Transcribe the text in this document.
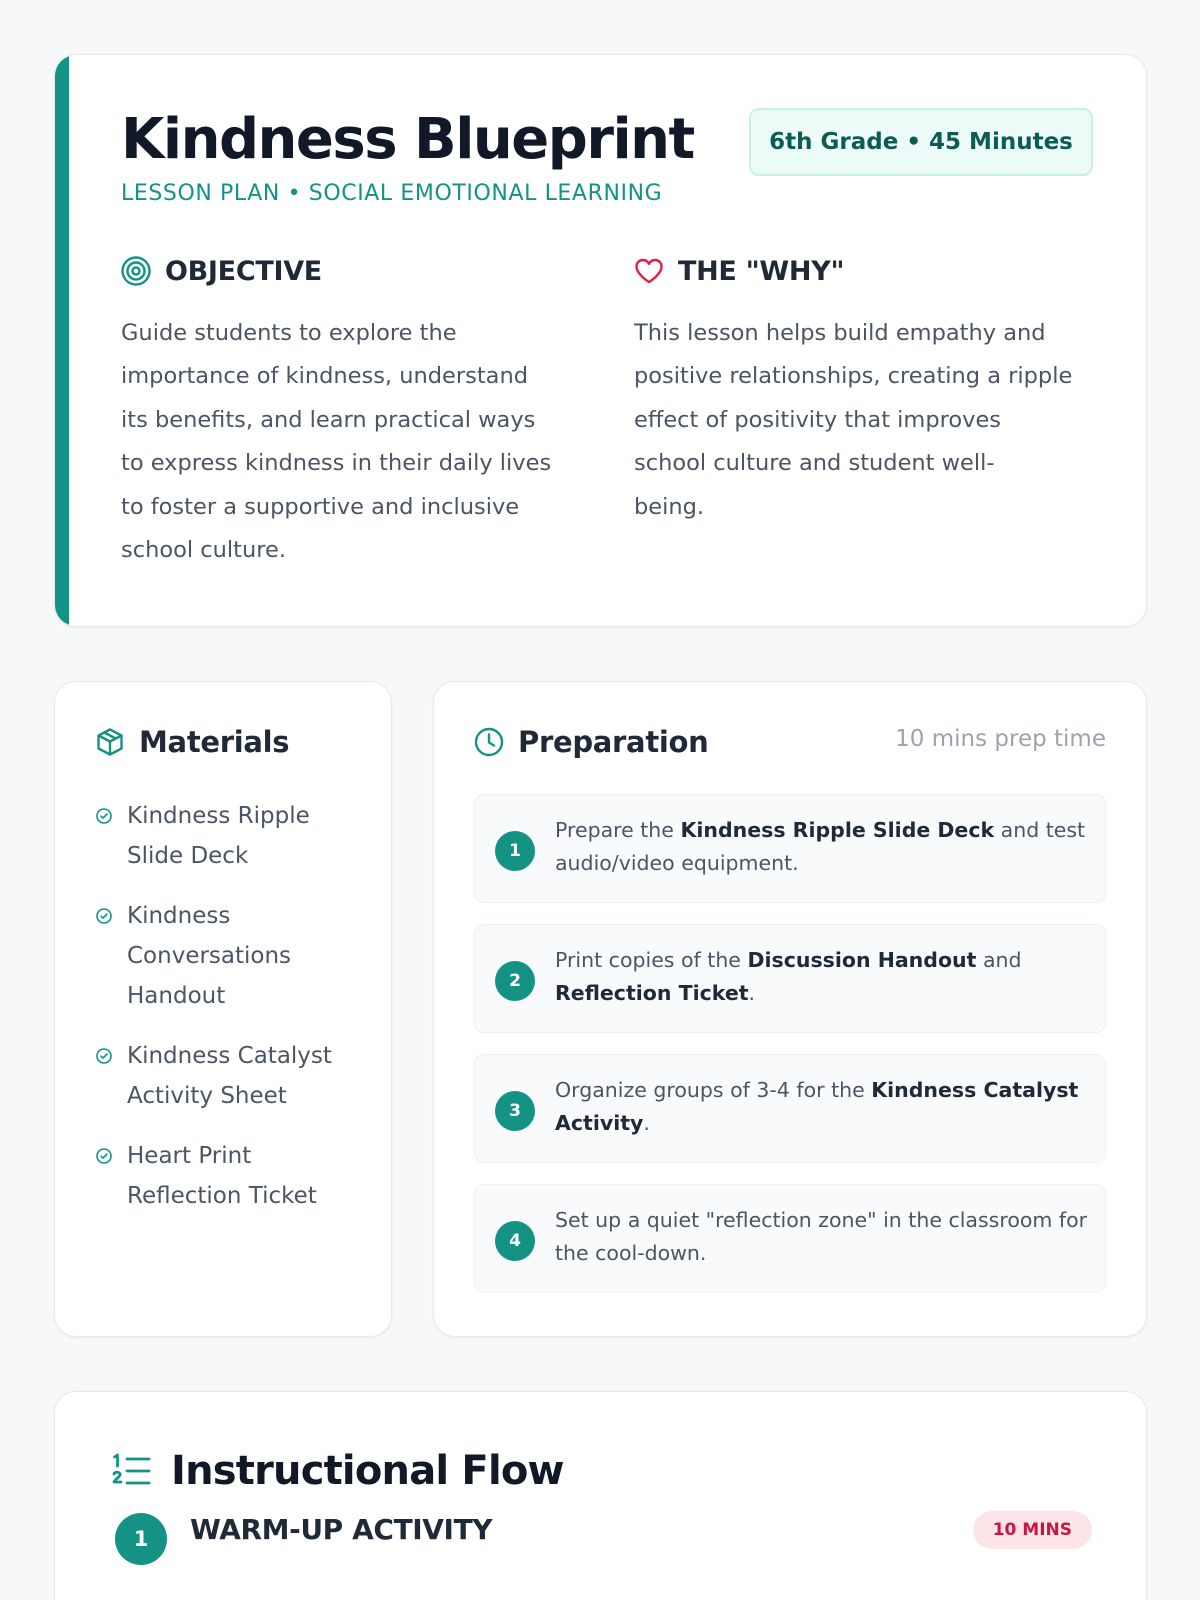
Kindness Blueprint	6th Grade • 45 Minutes
LESSON PLAN • SOCIAL EMOTIONAL LEARNING
OBJECTIVE
Guide students to explore the
importance of kindness, understand
its benefits, and learn practical ways
to express kindness in their daily lives
to foster a supportive and inclusive
school culture.
THE "WHY"
This lesson helps build empathy and
positive relationships, creating a ripple
effect of positivity that improves
school culture and student well-
being.
Materials
Kindness Ripple
Slide Deck
Kindness
Conversations
Handout
Kindness Catalyst
Activity Sheet
Heart Print
Reflection Ticket
Preparation	10 mins prep time
1
Prepare the Kindness Ripple Slide Deck and test audio/video equipment.
2
Print copies of the Discussion Handout and Reflection Ticket.
3
Organize groups of 3-4 for the Kindness Catalyst Activity.
4
Set up a quiet "reflection zone" in the classroom for the cool-down.
Instructional Flow
1	WARM-UP ACTIVITY	10 MINS
